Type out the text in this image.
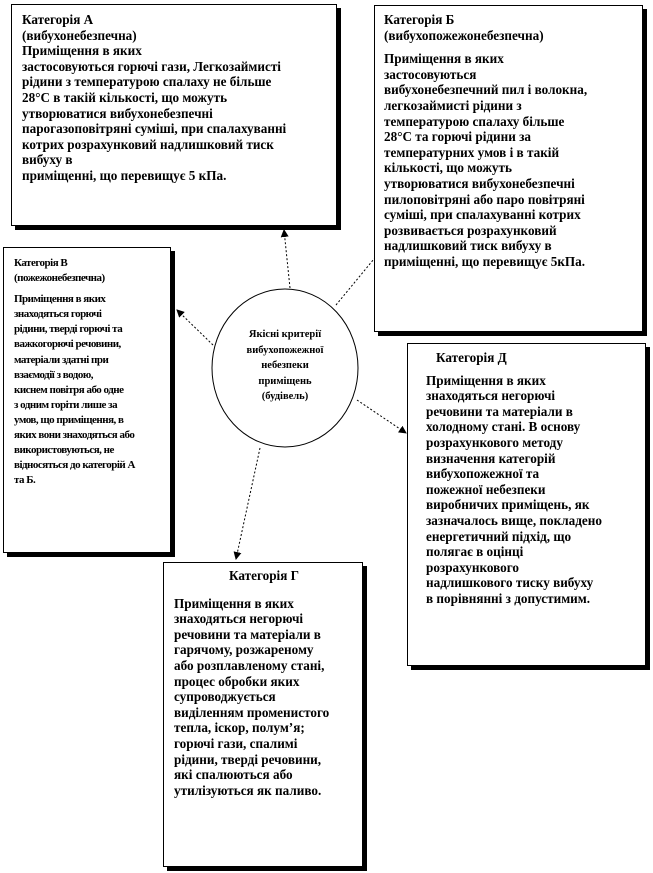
Якісні критерії
вибухопожежної
небезпеки
приміщень
(будівель)
Категорія А
(вибухонебезпечна)
Приміщення в яких
застосовуються горючі гази, Легкозаймисті
рідини з температурою спалаху не більше
28°С в такій кількості, що можуть
утворюватися вибухонебезпечні
парогазоповітряні суміші, при спалахуванні
котрих розрахунковий надлишковий тиск
вибуху в
приміщенні, що перевищує 5 кПа.
Категорія Б
(вибухопожежонебезпечна)
Приміщення в яких
застосовуються
вибухонебезпечний пил і волокна,
легкозаймисті рідини з
температурою спалаху більше
28°С та горючі рідини за
температурних умов і в такій
кількості, що можуть
утворюватися вибухонебезпечні
пилоповітряні або паро повітряні
суміші, при спалахуванні котрих
розвивається розрахунковий
надлишковий тиск вибуху в
приміщенні, що перевищує 5кПа.
Категорія В
(пожежонебезпечна)
Приміщення в яких
знаходяться горючі
рідини, тверді горючі та
важкогорючі речовини,
матеріали здатні при
взаємодії з водою,
киснем повітря або одне
з одним горіти лише за
умов, що приміщення, в
яких вони знаходяться або
використовуються, не
відносяться до категорій А
та Б.
Категорія Д
Приміщення в яких
знаходяться негорючі
речовини та матеріали в
холодному стані. В основу
розрахункового методу
визначення категорій
вибухопожежної та
пожежної небезпеки
виробничих приміщень, як
зазначалось вище, покладено
енергетичний підхід, що
полягає в оцінці
розрахункового
надлишкового тиску вибуху
в порівнянні з допустимим.
Категорія Г
Приміщення в яких
знаходяться негорючі
речовини та матеріали в
гарячому, розжареному
або розплавленому стані,
процес обробки яких
супроводжується
виділенням променистого
тепла, іскор, полум’я;
горючі гази, спалимі
рідини, тверді речовини,
які спалюються або
утилізуються як паливо.
